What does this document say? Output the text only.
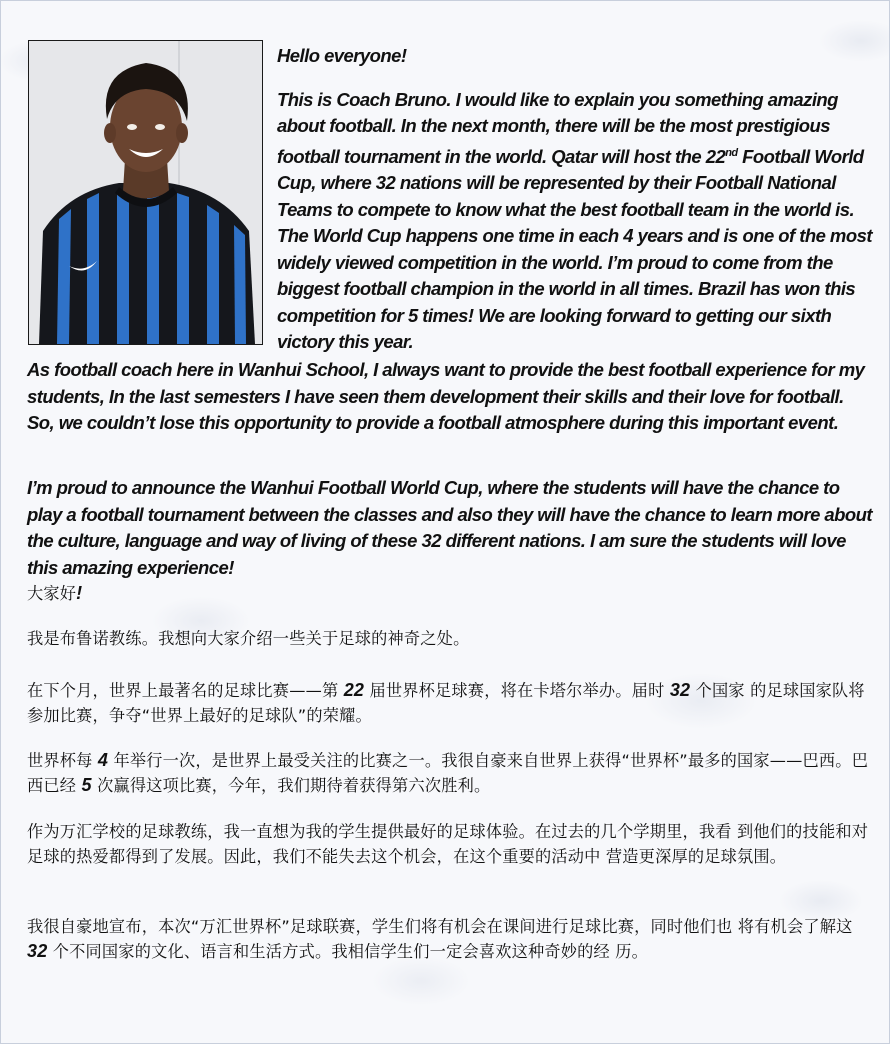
Hello everyone!

This is Coach Bruno. I would like to explain you something amazing about football. In the next month, there will be the most prestigious football tournament in the world. Qatar will host the 22nd Football World Cup, where 32 nations will be represented by their Football National Teams to compete to know what the best football team in the world is. The World Cup happens one time in each 4 years and is one of the most widely viewed competition in the world. I’m proud to come from the biggest football champion in the world in all times. Brazil has won this competition for 5 times! We are looking forward to getting our sixth victory this year.

As football coach here in Wanhui School, I always want to provide the best football experience for my students, In the last semesters I have seen them development their skills and their love for football. So, we couldn’t lose this opportunity to provide a football atmosphere during this important event.

I’m proud to announce the Wanhui Football World Cup, where the students will have the chance to play a football tournament between the classes and also they will have the chance to learn more about the culture, language and way of living of these 32 different nations. I am sure the students will love this amazing experience!

大家好!

我是布鲁诺教练。我想向大家介绍一些关于足球的神奇之处。

在下个月，世界上最著名的足球比赛——第 22 届世界杯足球赛，将在卡塔尔举办。届时 32 个国家 的足球国家队将参加比赛，争夺“世界上最好的足球队”的荣耀。

世界杯每 4 年举行一次，是世界上最受关注的比赛之一。我很自豪来自世界上获得“世界杯”最多的国家——巴西。巴西已经 5 次赢得这项比赛，今年，我们期待着获得第六次胜利。

作为万汇学校的足球教练，我一直想为我的学生提供最好的足球体验。在过去的几个学期里，我看 到他们的技能和对足球的热爱都得到了发展。因此，我们不能失去这个机会，在这个重要的活动中 营造更深厚的足球氛围。

我很自豪地宣布，本次“万汇世界杯”足球联赛，学生们将有机会在课间进行足球比赛，同时他们也 将有机会了解这 32 个不同国家的文化、语言和生活方式。我相信学生们一定会喜欢这种奇妙的经 历。
